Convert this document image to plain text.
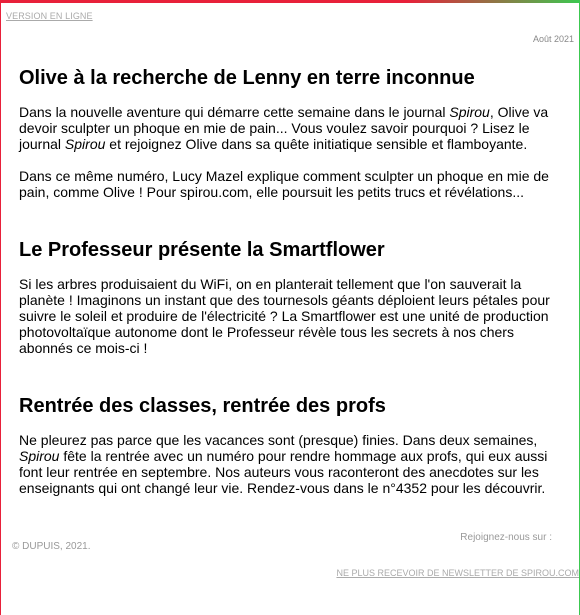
VERSION EN LIGNE
Août 2021
Olive à la recherche de Lenny en terre inconnue

Dans la nouvelle aventure qui démarre cette semaine dans le journal Spirou, Olive va devoir sculpter un phoque en mie de pain... Vous voulez savoir pourquoi ? Lisez le journal Spirou et rejoignez Olive dans sa quête initiatique sensible et flamboyante.

Dans ce même numéro, Lucy Mazel explique comment sculpter un phoque en mie de pain, comme Olive ! Pour spirou.com, elle poursuit les petits trucs et révélations...

Le Professeur présente la Smartflower

Si les arbres produisaient du WiFi, on en planterait tellement que l'on sauverait la planète ! Imaginons un instant que des tournesols géants déploient leurs pétales pour suivre le soleil et produire de l'électricité ? La Smartflower est une unité de production photovoltaïque autonome dont le Professeur révèle tous les secrets à nos chers abonnés ce mois-ci !

Rentrée des classes, rentrée des profs

Ne pleurez pas parce que les vacances sont (presque) finies. Dans deux semaines, Spirou fête la rentrée avec un numéro pour rendre hommage aux profs, qui eux aussi font leur rentrée en septembre. Nos auteurs vous raconteront des anecdotes sur les enseignants qui ont changé leur vie. Rendez-vous dans le n°4352 pour les découvrir.

© DUPUIS, 2021.
Rejoignez-nous sur :
NE PLUS RECEVOIR DE NEWSLETTER DE SPIROU.COM
